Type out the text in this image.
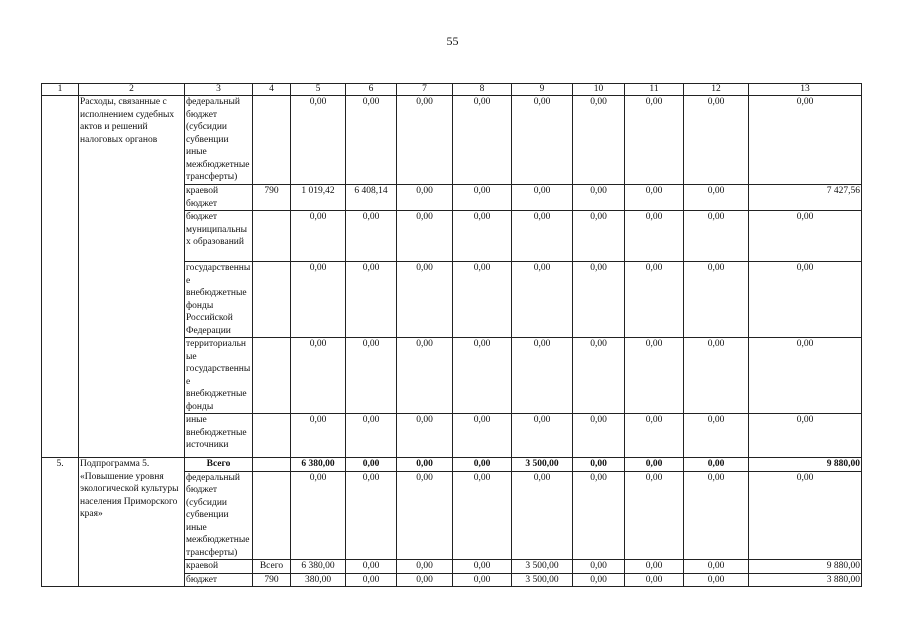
55
1	2	3	4	5	6	7	8	9	10	11	12	13
	Расходы, связанные с исполнением судебных актов и решений налоговых органов	федеральный бюджет (субсидии субвенции иные межбюджетные трансферты)		0,00	0,00	0,00	0,00	0,00	0,00	0,00	0,00	0,00
		краевой бюджет	790	1 019,42	6 408,14	0,00	0,00	0,00	0,00	0,00	0,00	7 427,56
		бюджет муниципальных образований		0,00	0,00	0,00	0,00	0,00	0,00	0,00	0,00	0,00
		государственные внебюджетные фонды Российской Федерации		0,00	0,00	0,00	0,00	0,00	0,00	0,00	0,00	0,00
		территориальные государственные внебюджетные фонды		0,00	0,00	0,00	0,00	0,00	0,00	0,00	0,00	0,00
		иные внебюджетные источники		0,00	0,00	0,00	0,00	0,00	0,00	0,00	0,00	0,00
5.	Подпрограмма 5. «Повышение уровня экологической культуры населения Приморского края»	Всего		6 380,00	0,00	0,00	0,00	3 500,00	0,00	0,00	0,00	9 880,00
		федеральный бюджет (субсидии субвенции иные межбюджетные трансферты)		0,00	0,00	0,00	0,00	0,00	0,00	0,00	0,00	0,00
		краевой	Всего	6 380,00	0,00	0,00	0,00	3 500,00	0,00	0,00	0,00	9 880,00
		бюджет	790	380,00	0,00	0,00	0,00	3 500,00	0,00	0,00	0,00	3 880,00
